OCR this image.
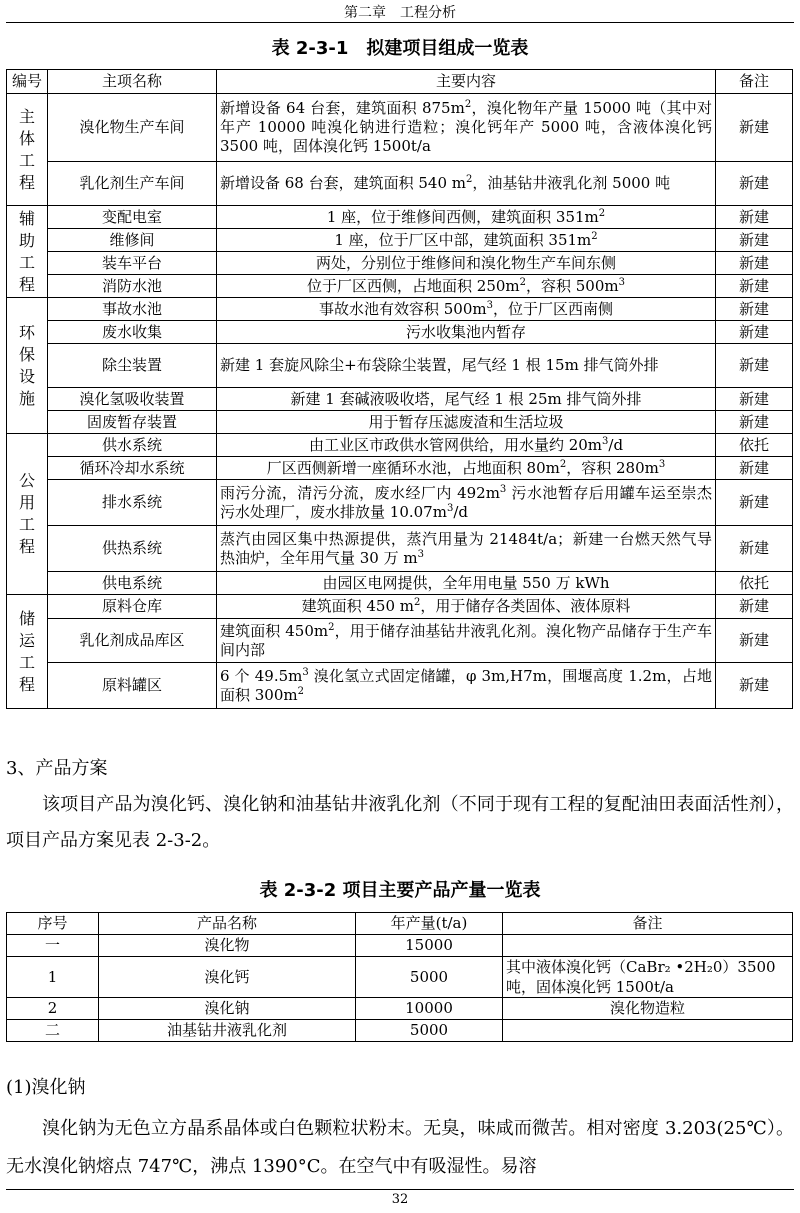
第二章　工程分析
表 2-3-1　拟建项目组成一览表
编号	主项名称	主要内容	备注
主体工程	溴化物生产车间	新增设备 64 台套，建筑面积 $875m^2$，溴化物年产量 15000 吨（其中对年产 10000 吨溴化钠进行造粒；溴化钙年产 5000 吨，含液体溴化钙 3500 吨，固体溴化钙 1500t/a	新建
	乳化剂生产车间	新增设备 68 台套，建筑面积 540 $m^2$，油基钻井液乳化剂 5000 吨	新建
辅助工程	变配电室	1 座，位于维修间西侧，建筑面积 $351m^2$	新建
	维修间	1 座，位于厂区中部，建筑面积 $351m^2$	新建
	装车平台	两处，分别位于维修间和溴化物生产车间东侧	新建
	消防水池	位于厂区西侧，占地面积 $250m^2$，容积 $500m^3$	新建
环保设施	事故水池	事故水池有效容积 $500m^3$，位于厂区西南侧	新建
	废水收集	污水收集池内暂存	新建
	除尘装置	新建 1 套旋风除尘+布袋除尘装置，尾气经 1 根 15m 排气筒外排	新建
	溴化氢吸收装置	新建 1 套碱液吸收塔，尾气经 1 根 25m 排气筒外排	新建
	固废暂存装置	用于暂存压滤废渣和生活垃圾	新建
公用工程	供水系统	由工业区市政供水管网供给，用水量约 $20m^3/d$	依托
	循环冷却水系统	厂区西侧新增一座循环水池，占地面积 $80m^2$，容积 $280m^3$	新建
	排水系统	雨污分流，清污分流，废水经厂内 $492m^3$ 污水池暂存后用罐车运至崇杰污水处理厂，废水排放量 $10.07m^3/d$	新建
	供热系统	蒸汽由园区集中热源提供，蒸汽用量为 21484t/a；新建一台燃天然气导热油炉，全年用气量 30 万 $m^3$	新建
	供电系统	由园区电网提供，全年用电量 550 万 kWh	依托
储运工程	原料仓库	建筑面积 450 $m^2$，用于储存各类固体、液体原料	新建
	乳化剂成品库区	建筑面积 $450m^2$，用于储存油基钻井液乳化剂。溴化物产品储存于生产车间内部	新建
	原料罐区	6 个 $49.5m^3$ 溴化氢立式固定储罐，φ 3m,H7m，围堰高度 1.2m，占地面积 $300m^2$	新建
3、产品方案
该项目产品为溴化钙、溴化钠和油基钻井液乳化剂（不同于现有工程的复配油田表面活性剂），项目产品方案见表 2-3-2。
表 2-3-2 项目主要产品产量一览表
序号	产品名称	年产量(t/a)	备注
一	溴化物	15000	
1	溴化钙	5000	其中液体溴化钙（CaBr₂ •2H₂0）3500 吨，固体溴化钙 1500t/a
2	溴化钠	10000	溴化物造粒
二	油基钻井液乳化剂	5000	
(1)溴化钠
溴化钠为无色立方晶系晶体或白色颗粒状粉末。无臭，味咸而微苦。相对密度 3.203(25℃）。无水溴化钠熔点 747℃，沸点 1390°C。在空气中有吸湿性。易溶
32
